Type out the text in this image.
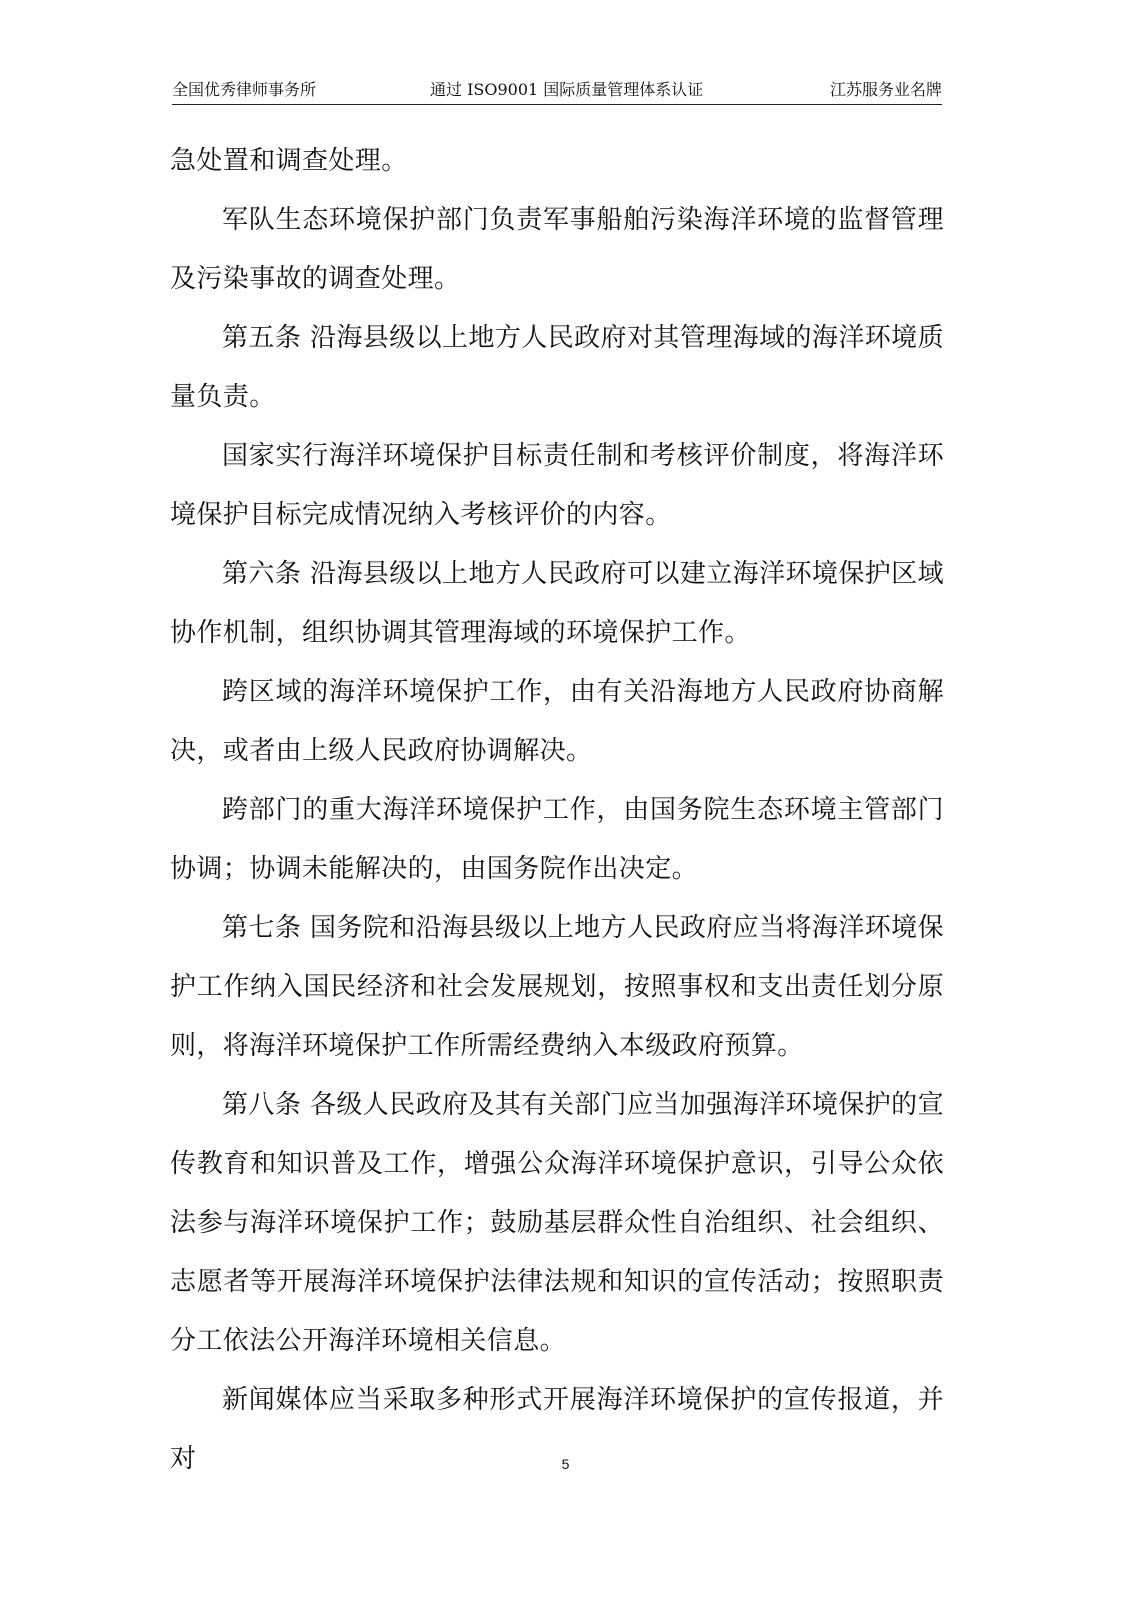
全国优秀律师事务所	通过 ISO9001 国际质量管理体系认证	江苏服务业名牌

急处置和调查处理。

军队生态环境保护部门负责军事船舶污染海洋环境的监督管理及污染事故的调查处理。

第五条 沿海县级以上地方人民政府对其管理海域的海洋环境质量负责。

国家实行海洋环境保护目标责任制和考核评价制度，将海洋环境保护目标完成情况纳入考核评价的内容。

第六条 沿海县级以上地方人民政府可以建立海洋环境保护区域协作机制，组织协调其管理海域的环境保护工作。

跨区域的海洋环境保护工作，由有关沿海地方人民政府协商解决，或者由上级人民政府协调解决。

跨部门的重大海洋环境保护工作，由国务院生态环境主管部门协调；协调未能解决的，由国务院作出决定。

第七条 国务院和沿海县级以上地方人民政府应当将海洋环境保护工作纳入国民经济和社会发展规划，按照事权和支出责任划分原则，将海洋环境保护工作所需经费纳入本级政府预算。

第八条 各级人民政府及其有关部门应当加强海洋环境保护的宣传教育和知识普及工作，增强公众海洋环境保护意识，引导公众依法参与海洋环境保护工作；鼓励基层群众性自治组织、社会组织、志愿者等开展海洋环境保护法律法规和知识的宣传活动；按照职责分工依法公开海洋环境相关信息。

新闻媒体应当采取多种形式开展海洋环境保护的宣传报道，并对	5
